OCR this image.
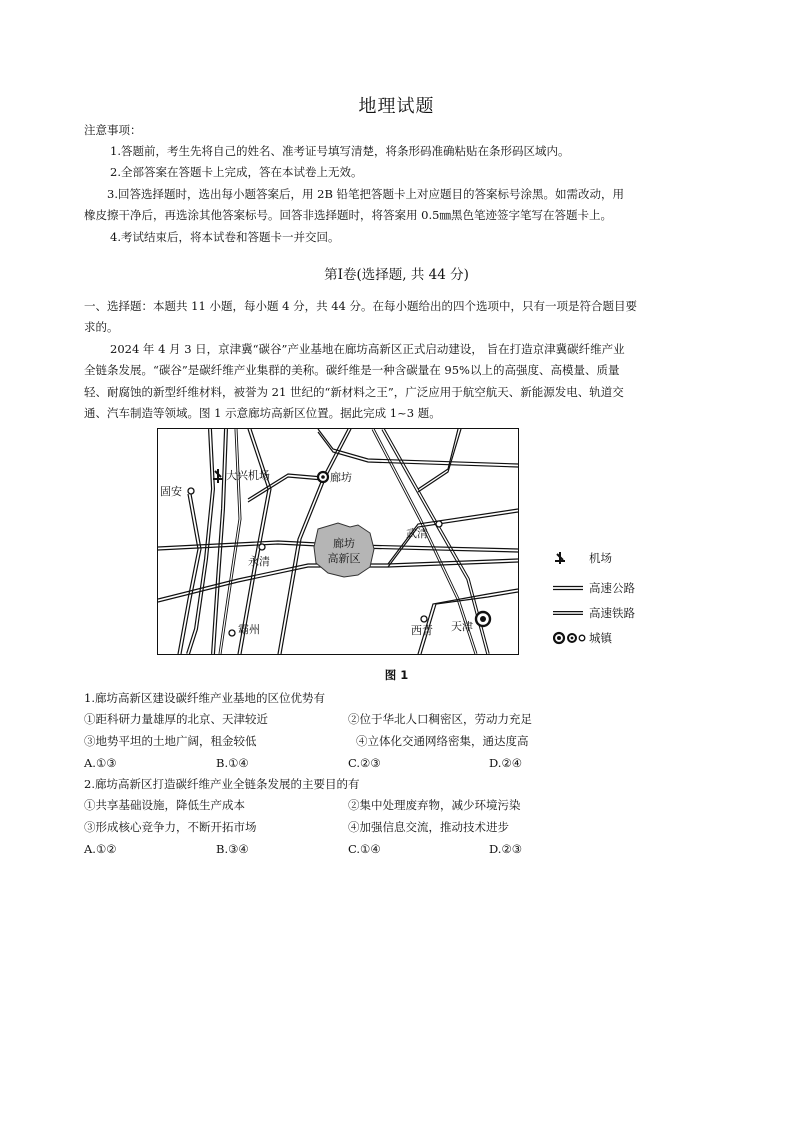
地理试题
注意事项：
1.答题前，考生先将自己的姓名、准考证号填写清楚，将条形码准确粘贴在条形码区域内。
2.全部答案在答题卡上完成，答在本试卷上无效。
3.回答选择题时，选出每小题答案后，用 2B 铅笔把答题卡上对应题目的答案标号涂黑。如需改动，用
橡皮擦干净后，再选涂其他答案标号。回答非选择题时，将答案用 0.5㎜黑色笔迹签字笔写在答题卡上。
4.考试结束后，将本试卷和答题卡一并交回。
第Ⅰ卷(选择题, 共 44 分)
一、选择题：本题共 11 小题，每小题 4 分，共 44 分。在每小题给出的四个选项中，只有一项是符合题目要
求的。
2024 年 4 月 3 日，京津冀“碳谷”产业基地在廊坊高新区正式启动建设， 旨在打造京津冀碳纤维产业
全链条发展。“碳谷”是碳纤维产业集群的美称。碳纤维是一种含碳量在 95%以上的高强度、高模量、质量
轻、耐腐蚀的新型纤维材料，被誉为 21 世纪的“新材料之王”，广泛应用于航空航天、新能源发电、轨道交
通、汽车制造等领域。图 1 示意廊坊高新区位置。据此完成 1~3 题。
廊坊
高新区
大兴机场
固安
廊坊
武清
永清
霸州	西青 天津
机场
高速公路
高速铁路
城镇
图 1
1.廊坊高新区建设碳纤维产业基地的区位优势有
①距科研力量雄厚的北京、天津较近	②位于华北人口稠密区，劳动力充足
③地势平坦的土地广阔，租金较低	④立体化交通网络密集，通达度高
A.①③	B.①④	C.②③	D.②④
2.廊坊高新区打造碳纤维产业全链条发展的主要目的有
①共享基础设施，降低生产成本	②集中处理废弃物，减少环境污染
③形成核心竞争力，不断开拓市场	④加强信息交流，推动技术进步
A.①②	B.③④	C.①④	D.②③
